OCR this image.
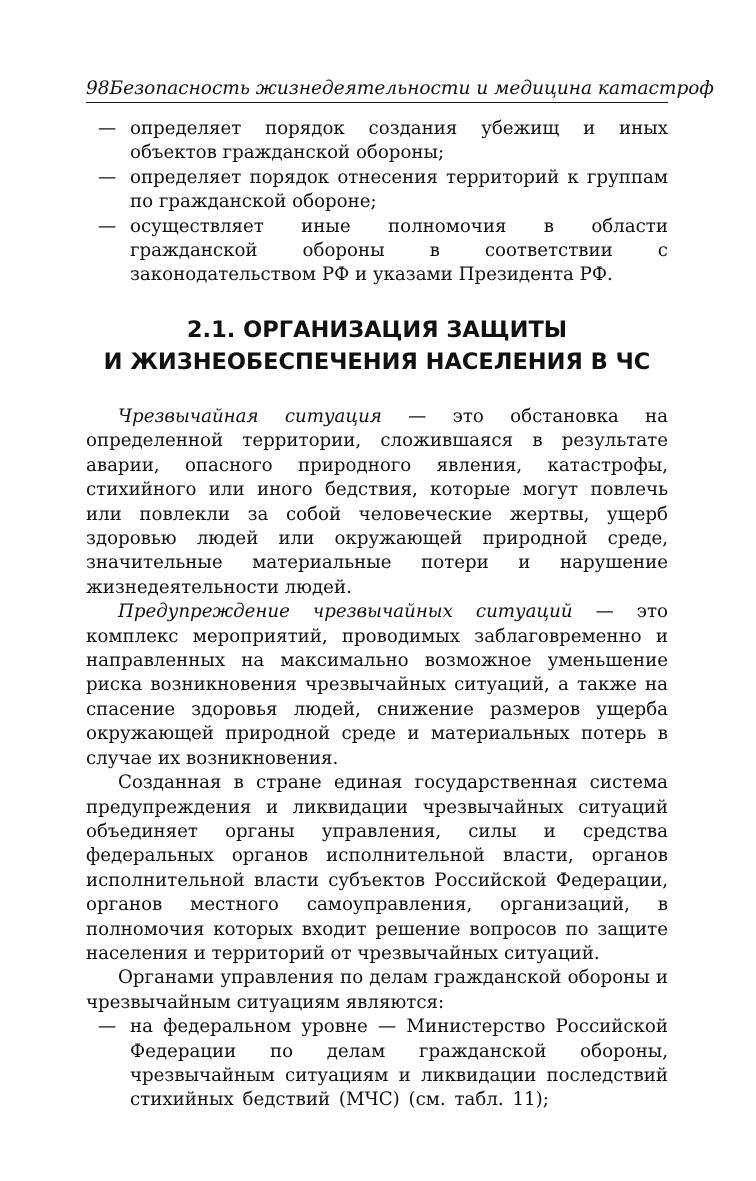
98 Безопасность жизнедеятельности и медицина катастроф

— определяет порядок создания убежищ и иных объектов гражданской обороны;

— определяет порядок отнесения территорий к группам по гражданской обороне;

— осуществляет иные полномочия в области гражданской обороны в соответствии с законодательством РФ и указами Президента РФ.

2.1. ОРГАНИЗАЦИЯ ЗАЩИТЫ
И ЖИЗНЕОБЕСПЕЧЕНИЯ НАСЕЛЕНИЯ В ЧС

Чрезвычайная ситуация — это обстановка на определенной территории, сложившаяся в результате аварии, опасного природного явления, катастрофы, стихийного или иного бедствия, которые могут повлечь или повлекли за собой человеческие жертвы, ущерб здоровью людей или окружающей природной среде, значительные материальные потери и нарушение жизнедеятельности людей.

Предупреждение чрезвычайных ситуаций — это комплекс мероприятий, проводимых заблаговременно и направленных на максимально возможное уменьшение риска возникновения чрезвычайных ситуаций, а также на спасение здоровья людей, снижение размеров ущерба окружающей природной среде и материальных потерь в случае их возникновения.

Созданная в стране единая государственная система предупреждения и ликвидации чрезвычайных ситуаций объединяет органы управления, силы и средства федеральных органов исполнительной власти, органов исполнительной власти субъектов Российской Федерации, органов местного самоуправления, организаций, в полномочия которых входит решение вопросов по защите населения и территорий от чрезвычайных ситуаций.

Органами управления по делам гражданской обороны и чрезвычайным ситуациям являются:

— на федеральном уровне — Министерство Российской Федерации по делам гражданской обороны, чрезвычайным ситуациям и ликвидации последствий стихийных бедствий (МЧС) (см. табл. 11);
